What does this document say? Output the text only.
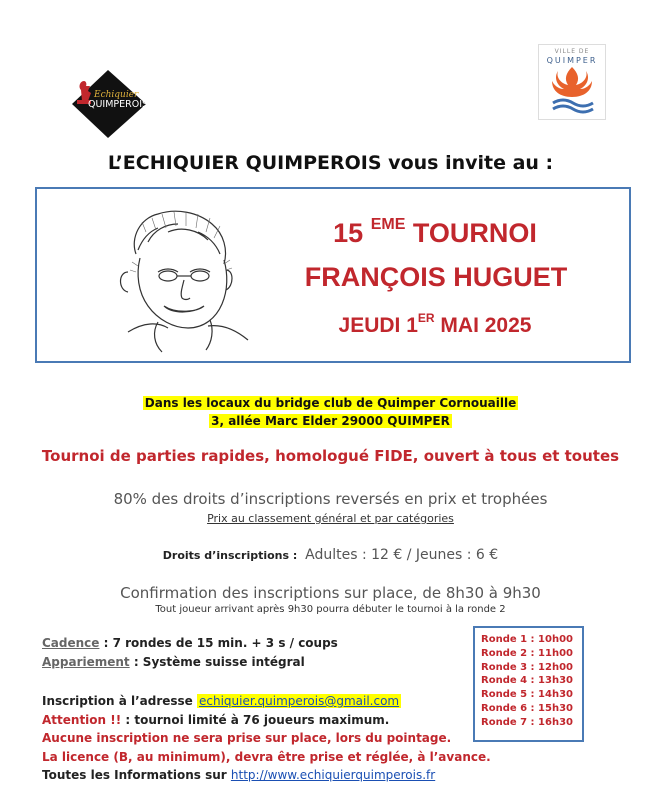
Echiquier
QUIMPEROIS
VILLE DE
QUIMPER
L’ECHIQUIER QUIMPEROIS vous invite au :
15 $^{EME}$ TOURNOI
FRANÇOIS HUGUET
JEUDI 1ER MAI 2025
Dans les locaux du bridge club de Quimper Cornouaille
3, allée Marc Elder 29000 QUIMPER
Tournoi de parties rapides, homologué FIDE, ouvert à tous et toutes
80% des droits d’inscriptions reversés en prix et trophées
Prix au classement général et par catégories
Droits d’inscriptions : Adultes : 12 € / Jeunes : 6 €
Confirmation des inscriptions sur place, de 8h30 à 9h30
Tout joueur arrivant après 9h30 pourra débuter le tournoi à la ronde 2
Cadence : 7 rondes de 15 min. + 3 s / coups
Appariement : Système suisse intégral
Ronde 1 : 10h00
Ronde 2 : 11h00
Ronde 3 : 12h00
Ronde 4 : 13h30
Ronde 5 : 14h30
Ronde 6 : 15h30
Ronde 7 : 16h30
Inscription à l’adresse echiquier.quimperois@gmail.com
Attention !! : tournoi limité à 76 joueurs maximum.
Aucune inscription ne sera prise sur place, lors du pointage.
La licence (B, au minimum), devra être prise et réglée, à l’avance.
Toutes les Informations sur http://www.echiquierquimperois.fr
